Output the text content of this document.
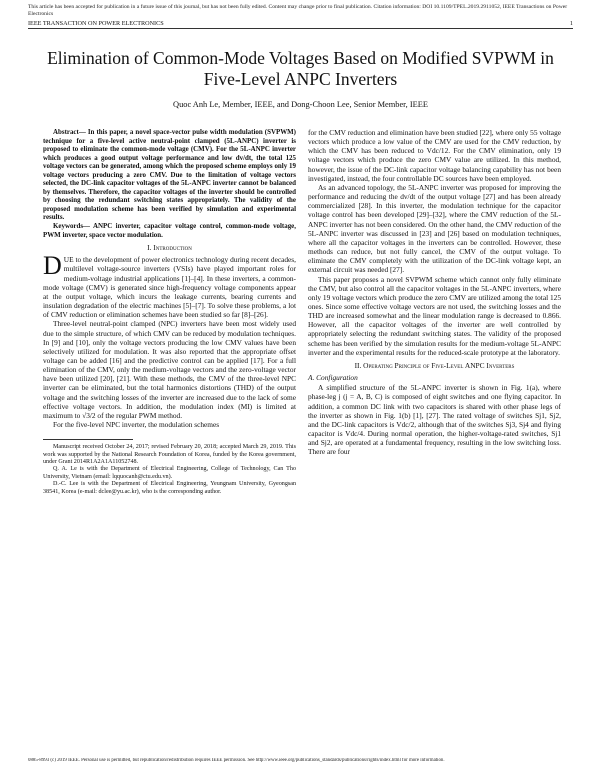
This article has been accepted for publication in a future issue of this journal, but has not been fully edited. Content may change prior to final publication. Citation information: DOI 10.1109/TPEL.2019.2911052, IEEE Transactions on Power Electronics
IEEE TRANSACTION ON POWER ELECTRONICS	1
Elimination of Common-Mode Voltages Based on Modified SVPWM in Five-Level ANPC Inverters
Quoc Anh Le, Member, IEEE, and Dong-Choon Lee, Senior Member, IEEE

Abstract— In this paper, a novel space-vector pulse width modulation (SVPWM) technique for a five-level active neutral-point clamped (5L-ANPC) inverter is proposed to eliminate the common-mode voltage (CMV). For the 5L-ANPC inverter which produces a good output voltage performance and low dv/dt, the total 125 voltage vectors can be generated, among which the proposed scheme employs only 19 voltage vectors producing a zero CMV. Due to the limitation of voltage vectors selected, the DC-link capacitor voltages of the 5L-ANPC inverter cannot be balanced by themselves. Therefore, the capacitor voltages of the inverter should be controlled by choosing the redundant switching states appropriately. The validity of the proposed modulation scheme has been verified by simulation and experimental results.

Keywords— ANPC inverter, capacitor voltage control, common-mode voltage, PWM inverter, space vector modulation.

I. Introduction

DUE to the development of power electronics technology during recent decades, multilevel voltage-source inverters (VSIs) have played important roles for medium-voltage industrial applications [1]–[4]. In these inverters, a common-mode voltage (CMV) is generated since high-frequency voltage components appear at the output voltage, which incurs the leakage currents, bearing currents and insulation degradation of the electric machines [5]–[7]. To solve these problems, a lot of CMV reduction or elimination schemes have been studied so far [8]–[26].

Three-level neutral-point clamped (NPC) inverters have been most widely used due to the simple structure, of which CMV can be reduced by modulation techniques. In [9] and [10], only the voltage vectors producing the low CMV values have been selectively utilized for modulation. It was also reported that the appropriate offset voltage can be added [16] and the predictive control can be applied [17]. For a full elimination of the CMV, only the medium-voltage vectors and the zero-voltage vector have been utilized [20], [21]. With these methods, the CMV of the three-level NPC inverter can be eliminated, but the total harmonics distortions (THD) of the output voltage and the switching losses of the inverter are increased due to the lack of some effective voltage vectors. In addition, the modulation index (MI) is limited at maximum to √3/2 of the regular PWM method.

For the five-level NPC inverter, the modulation schemes

Manuscript received October 24, 2017; revised February 20, 2018; accepted March 29, 2019. This work was supported by the National Research Foundation of Korea, funded by the Korea government, under Grant 2014R1A2A1A11052748.

Q. A. Le is with the Department of Electrical Engineering, College of Technology, Can Tho University, Vietnam (email: lqquocanh@ctu.edu.vn).

D.-C. Lee is with the Department of Electrical Engineering, Yeungnam University, Gyeongsan 38541, Korea (e-mail: dclee@yu.ac.kr), who is the corresponding author.

for the CMV reduction and elimination have been studied [22], where only 55 voltage vectors which produce a low value of the CMV are used for the CMV reduction, by which the CMV has been reduced to Vdc/12. For the CMV elimination, only 19 voltage vectors which produce the zero CMV value are utilized. In this method, however, the issue of the DC-link capacitor voltage balancing capability has not been investigated, instead, the four controllable DC sources have been employed.

As an advanced topology, the 5L-ANPC inverter was proposed for improving the performance and reducing the dv/dt of the output voltage [27] and has been already commercialized [28]. In this inverter, the modulation technique for the capacitor voltage control has been developed [29]–[32], where the CMV reduction of the 5L-ANPC inverter has not been considered. On the other hand, the CMV reduction of the 5L-ANPC inverter was discussed in [23] and [26] based on modulation techniques, where all the capacitor voltages in the inverters can be controlled. However, these methods can reduce, but not fully cancel, the CMV of the output voltage. To eliminate the CMV completely with the utilization of the DC-link voltage kept, an external circuit was needed [27].

This paper proposes a novel SVPWM scheme which cannot only fully eliminate the CMV, but also control all the capacitor voltages in the 5L-ANPC inverters, where only 19 voltage vectors which produce the zero CMV are utilized among the total 125 ones. Since some effective voltage vectors are not used, the switching losses and the THD are increased somewhat and the linear modulation range is decreased to 0.866. However, all the capacitor voltages of the inverter are well controlled by appropriately selecting the redundant switching states. The validity of the proposed scheme has been verified by the simulation results for the medium-voltage 5L-ANPC inverter and the experimental results for the reduced-scale prototype at the laboratory.

II. Operating Principle of Five-Level ANPC Inverters
A. Configuration

A simplified structure of the 5L-ANPC inverter is shown in Fig. 1(a), where phase-leg j (j = A, B, C) is composed of eight switches and one flying capacitor. In addition, a common DC link with two capacitors is shared with other phase legs of the inverter as shown in Fig. 1(b) [1], [27]. The rated voltage of switches Sj1, Sj2, and the DC-link capacitors is Vdc/2, although that of the switches Sj3, Sj4 and flying capacitor is Vdc/4. During normal operation, the higher-voltage-rated switches, Sj1 and Sj2, are operated at a fundamental frequency, resulting in the low switching loss. There are four

0885-8993 (c) 2019 IEEE. Personal use is permitted, but republication/redistribution requires IEEE permission. See http://www.ieee.org/publications_standards/publications/rights/index.html for more information.
